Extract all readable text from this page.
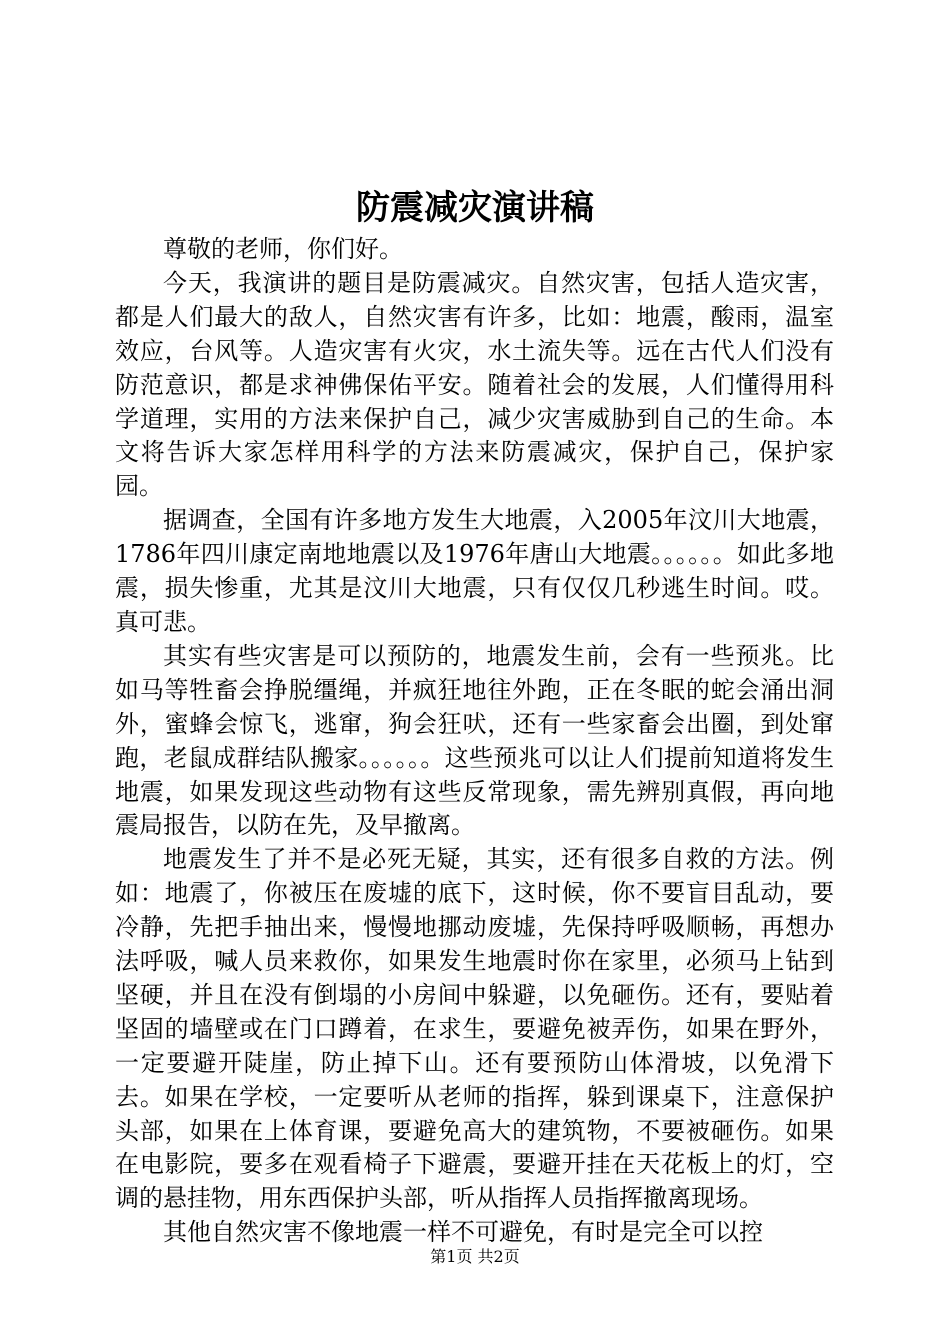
防震减灾演讲稿

尊敬的老师，你们好。

今天，我演讲的题目是防震减灾。自然灾害，包括人造灾害，都是人们最大的敌人，自然灾害有许多，比如：地震，酸雨，温室效应，台风等。人造灾害有火灾，水土流失等。远在古代人们没有防范意识，都是求神佛保佑平安。随着社会的发展，人们懂得用科学道理，实用的方法来保护自己，减少灾害威胁到自己的生命。本文将告诉大家怎样用科学的方法来防震减灾，保护自己，保护家园。

据调查，全国有许多地方发生大地震，入2005年汶川大地震，1786年四川康定南地地震以及1976年唐山大地震。。。。。。如此多地震，损失惨重，尤其是汶川大地震，只有仅仅几秒逃生时间。哎。真可悲。

其实有些灾害是可以预防的，地震发生前，会有一些预兆。比如马等牲畜会挣脱缰绳，并疯狂地往外跑，正在冬眠的蛇会涌出洞外，蜜蜂会惊飞，逃窜，狗会狂吠，还有一些家畜会出圈，到处窜跑，老鼠成群结队搬家。。。。。。这些预兆可以让人们提前知道将发生地震，如果发现这些动物有这些反常现象，需先辨别真假，再向地震局报告，以防在先，及早撤离。

地震发生了并不是必死无疑，其实，还有很多自救的方法。例如：地震了，你被压在废墟的底下，这时候，你不要盲目乱动，要冷静，先把手抽出来，慢慢地挪动废墟，先保持呼吸顺畅，再想办法呼吸，喊人员来救你，如果发生地震时你在家里，必须马上钻到坚硬，并且在没有倒塌的小房间中躲避，以免砸伤。还有，要贴着坚固的墙壁或在门口蹲着，在求生，要避免被弄伤，如果在野外，一定要避开陡崖，防止掉下山。还有要预防山体滑坡，以免滑下去。如果在学校，一定要听从老师的指挥，躲到课桌下，注意保护头部，如果在上体育课，要避免高大的建筑物，不要被砸伤。如果在电影院，要多在观看椅子下避震，要避开挂在天花板上的灯，空调的悬挂物，用东西保护头部，听从指挥人员指挥撤离现场。

其他自然灾害不像地震一样不可避免，有时是完全可以控

第1页 共2页
